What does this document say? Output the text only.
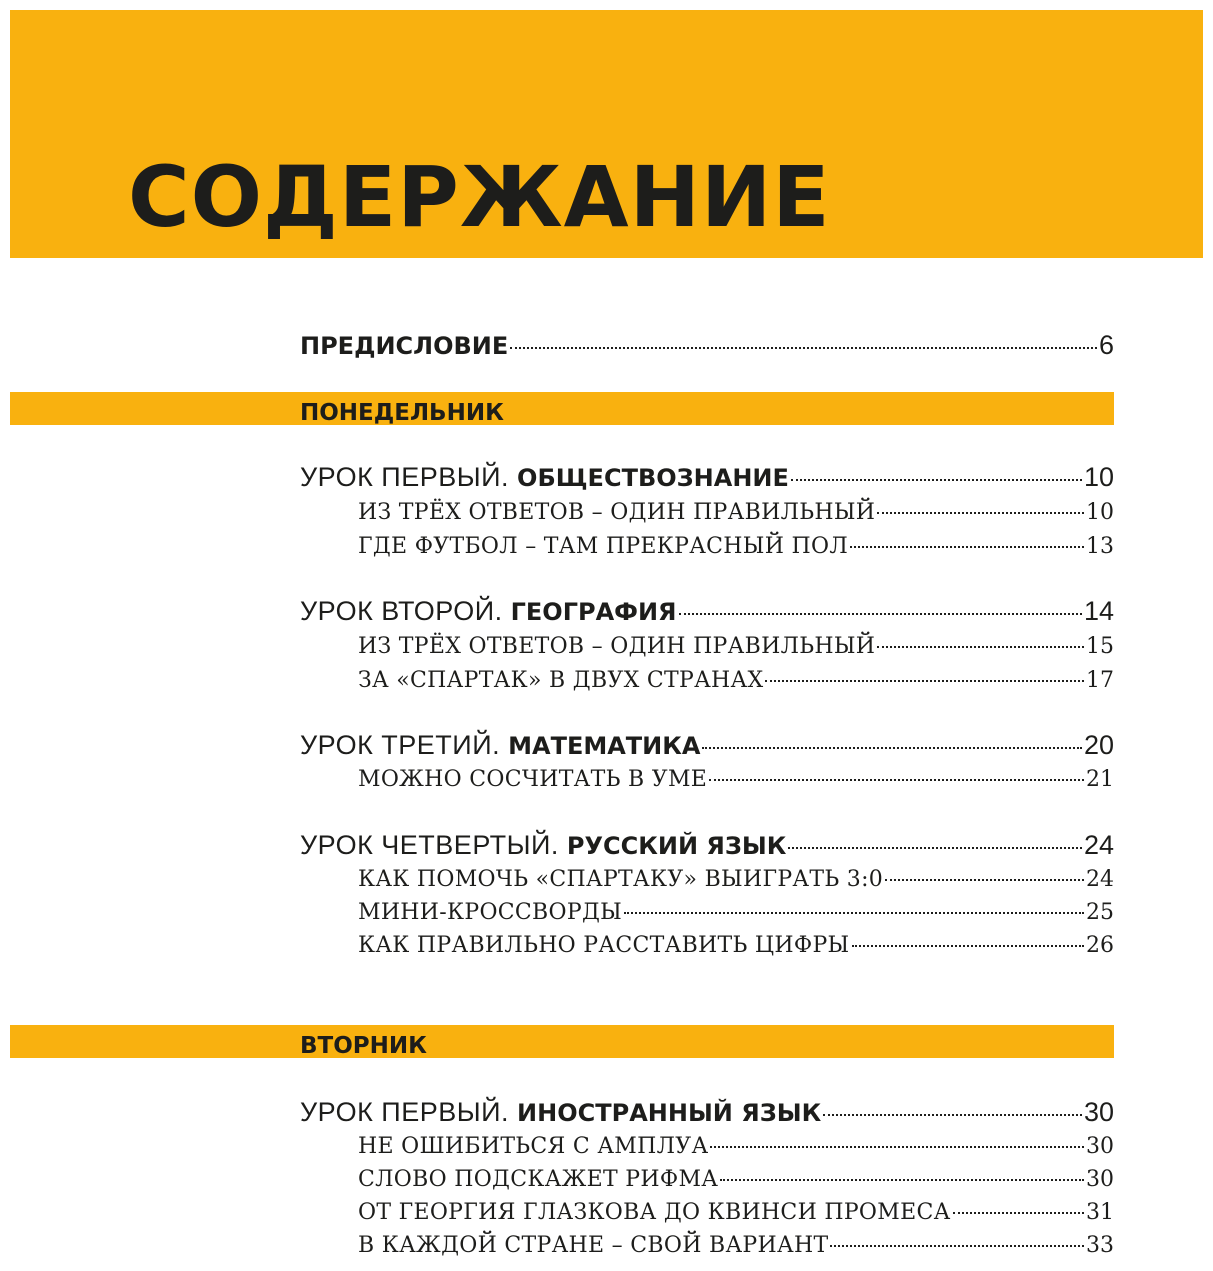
СОДЕРЖАНИЕ
ПРЕДИСЛОВИЕ	6
ПОНЕДЕЛЬНИК
УРОК ПЕРВЫЙ. ОБЩЕСТВОЗНАНИЕ	10
ИЗ ТРЁХ ОТВЕТОВ – ОДИН ПРАВИЛЬНЫЙ	10
ГДЕ ФУТБОЛ – ТАМ ПРЕКРАСНЫЙ ПОЛ	13
УРОК ВТОРОЙ. ГЕОГРАФИЯ	14
ИЗ ТРЁХ ОТВЕТОВ – ОДИН ПРАВИЛЬНЫЙ	15
ЗА «СПАРТАК» В ДВУХ СТРАНАХ	17
УРОК ТРЕТИЙ. МАТЕМАТИКА	20
МОЖНО СОСЧИТАТЬ В УМЕ	21
УРОК ЧЕТВЕРТЫЙ. РУССКИЙ ЯЗЫК	24
КАК ПОМОЧЬ «СПАРТАКУ» ВЫИГРАТЬ 3:0	24
МИНИ-КРОССВОРДЫ	25
КАК ПРАВИЛЬНО РАССТАВИТЬ ЦИФРЫ	26
ВТОРНИК
УРОК ПЕРВЫЙ. ИНОСТРАННЫЙ ЯЗЫК	30
НЕ ОШИБИТЬСЯ С АМПЛУА	30
СЛОВО ПОДСКАЖЕТ РИФМА	30
ОТ ГЕОРГИЯ ГЛАЗКОВА ДО КВИНСИ ПРОМЕСА	31
В КАЖДОЙ СТРАНЕ – СВОЙ ВАРИАНТ	33
